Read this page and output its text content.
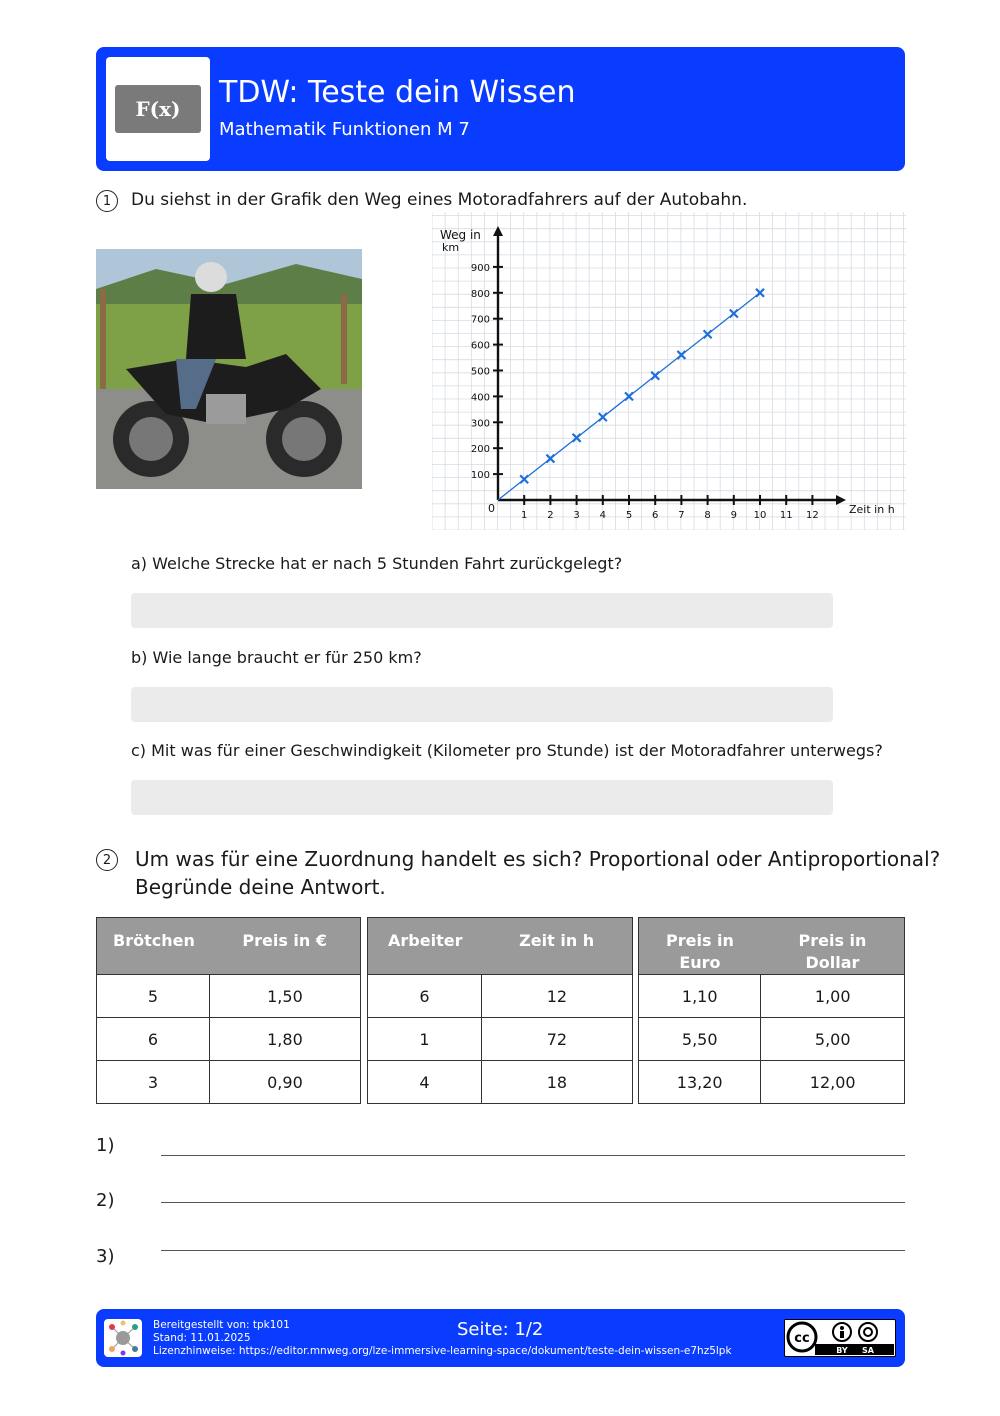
F(x)	TDW: Teste dein Wissen
Mathematik Funktionen M 7
1	Du siehst in der Grafik den Weg eines Motoradfahrers auf der Autobahn.
1 2 3 4 5 6 7 8 9 10 11 12
100
200
300
400
500
600
700
800
900
Weg in
km
Zeit in h
0
a) Welche Strecke hat er nach 5 Stunden Fahrt zurückgelegt?
b) Wie lange braucht er für 250 km?
c) Mit was für einer Geschwindigkeit (Kilometer pro Stunde) ist der Motoradfahrer unterwegs?
2	Um was für eine Zuordnung handelt es sich? Proportional oder Antiproportional?
Begründe deine Antwort.
Brötchen	Preis in €
5	1,50
6	1,80
3	0,90
Arbeiter	Zeit in h
6	12
1	72
4	18
Preis in Euro	Preis in Dollar
1,10	1,00
5,50	5,00
13,20	12,00
1)
2)
3)
Bereitgestellt von: tpk101
Stand: 11.01.2025
Lizenzhinweise: https://editor.mnweg.org/lze-immersive-learning-space/dokument/teste-dein-wissen-e7hz5lpk
Seite: 1/2	cc
BY SA
